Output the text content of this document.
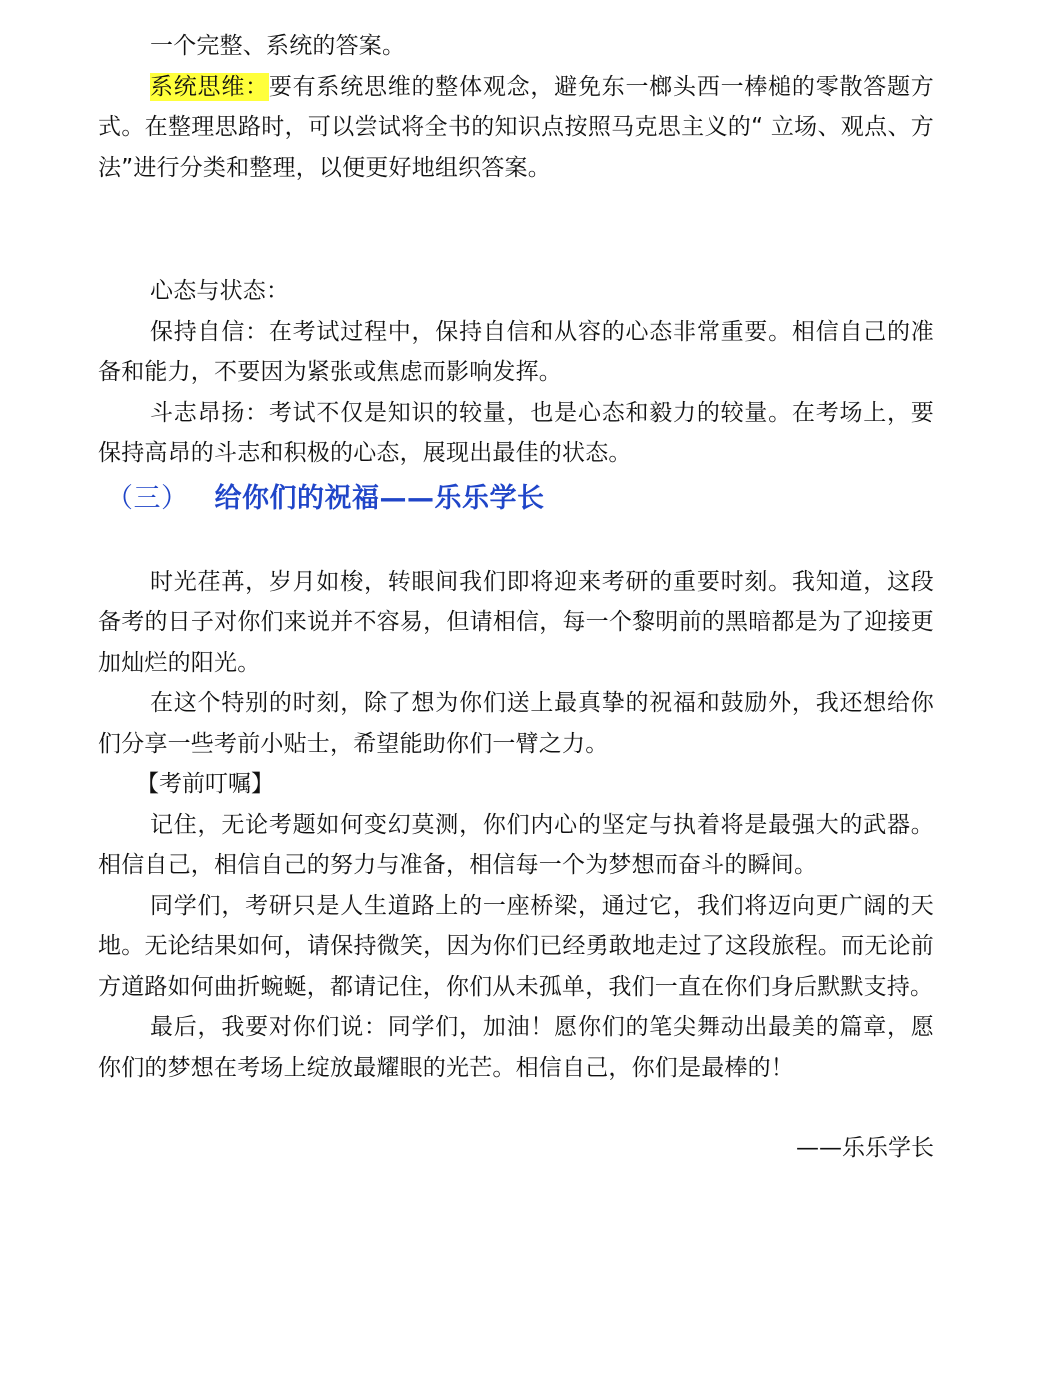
一个完整、系统的答案。

系统思维：要有系统思维的整体观念，避免东一榔头西一棒槌的零散答题方式。在整理思路时，可以尝试将全书的知识点按照马克思主义的“ 立场、观点、方法”进行分类和整理，以便更好地组织答案。

心态与状态：

保持自信：在考试过程中，保持自信和从容的心态非常重要。相信自己的准备和能力，不要因为紧张或焦虑而影响发挥。

斗志昂扬：考试不仅是知识的较量，也是心态和毅力的较量。在考场上，要保持高昂的斗志和积极的心态，展现出最佳的状态。

（三） 给你们的祝福——乐乐学长

时光荏苒，岁月如梭，转眼间我们即将迎来考研的重要时刻。我知道，这段备考的日子对你们来说并不容易，但请相信，每一个黎明前的黑暗都是为了迎接更加灿烂的阳光。

在这个特别的时刻，除了想为你们送上最真挚的祝福和鼓励外，我还想给你们分享一些考前小贴士，希望能助你们一臂之力。

【考前叮嘱】

记住，无论考题如何变幻莫测，你们内心的坚定与执着将是最强大的武器。相信自己，相信自己的努力与准备，相信每一个为梦想而奋斗的瞬间。

同学们，考研只是人生道路上的一座桥梁，通过它，我们将迈向更广阔的天地。无论结果如何，请保持微笑，因为你们已经勇敢地走过了这段旅程。而无论前方道路如何曲折蜿蜒，都请记住，你们从未孤单，我们一直在你们身后默默支持。

最后，我要对你们说：同学们，加油！愿你们的笔尖舞动出最美的篇章，愿你们的梦想在考场上绽放最耀眼的光芒。相信自己，你们是最棒的！

——乐乐学长
